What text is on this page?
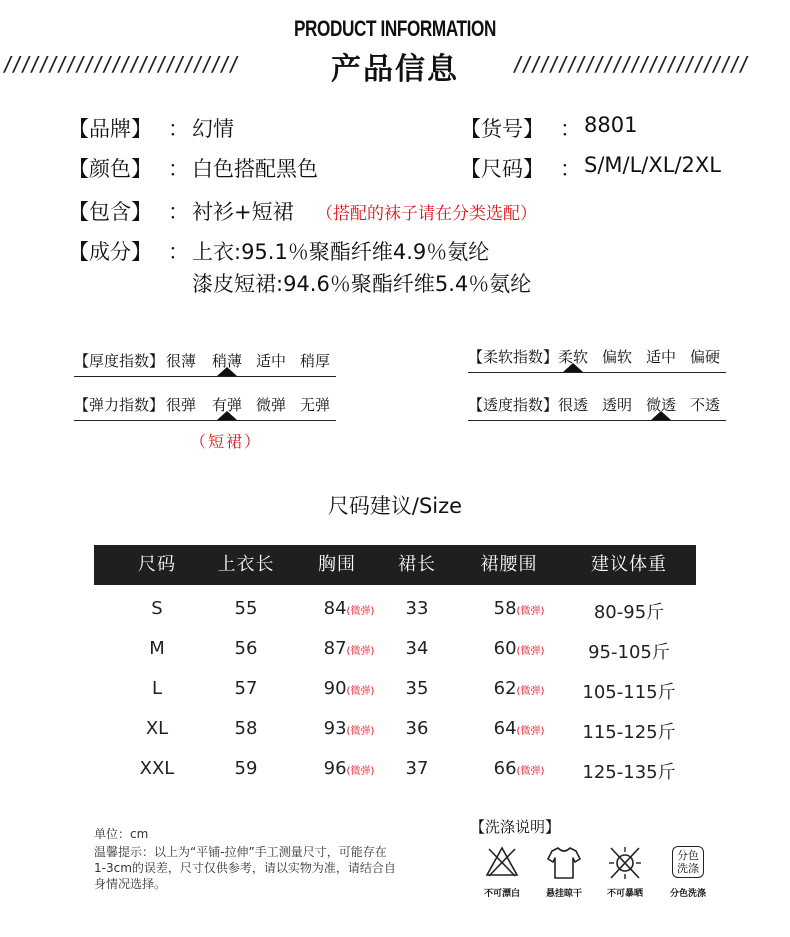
PRODUCT INFORMATION
//////////////////////////	产品信息	//////////////////////////
【品牌】 ： 幻情	【货号】 ： 8801
【颜色】 ： 白色搭配黑色	【尺码】 ： S/M/L/XL/2XL
【包含】 ： 衬衫+短裙 （搭配的袜子请在分类选配）
【成分】 ： 上衣:95.1％聚酯纤维4.9％氨纶
漆皮短裙:94.6％聚酯纤维5.4％氨纶
【厚度指数】 很薄 稍薄 适中 稍厚	【柔软指数】 柔软 偏软 适中 偏硬
【弹力指数】 很弹 有弹 微弹 无弹	【透度指数】 很透 透明 微透 不透
（短裙）
尺码建议/Size
尺码	上衣长	胸围	裙长	裙腰围	建议体重
S	55	84(微弹)	33	58(微弹)	80-95斤
M	56	87(微弹)	34	60(微弹)	95-105斤
L	57	90(微弹)	35	62(微弹)	105-115斤
XL	58	93(微弹)	36	64(微弹)	115-125斤
XXL	59	96(微弹)	37	66(微弹)	125-135斤
单位：cm
温馨提示：以上为“平铺-拉伸”手工测量尺寸，可能存在
1-3cm的误差，尺寸仅供参考，请以实物为准，请结合自
身情况选择。
【洗涤说明】
不可漂白	悬挂晾干	不可暴晒
分色洗涤
分色洗涤
